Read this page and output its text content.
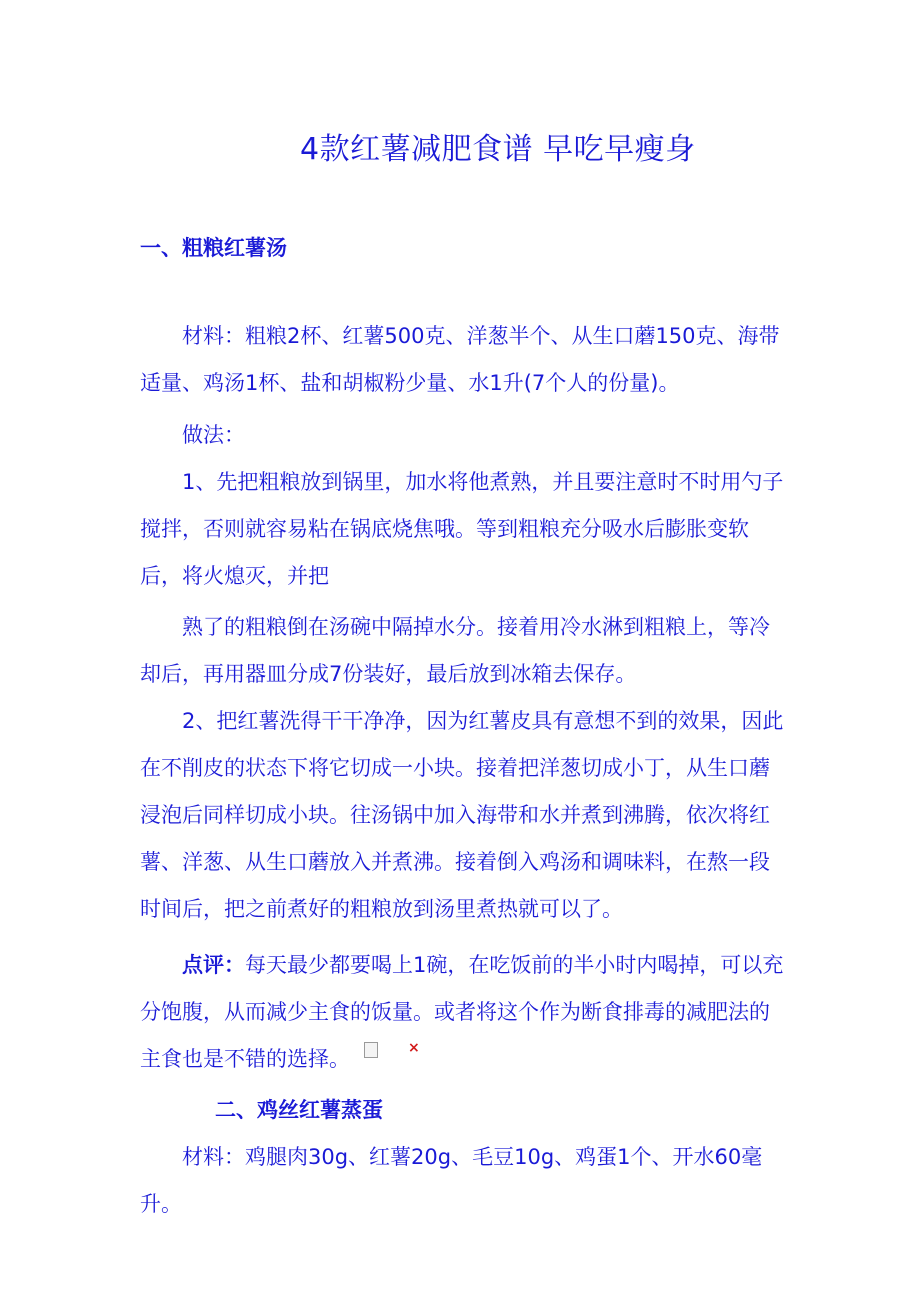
4款红薯减肥食谱 早吃早瘦身
一、粗粮红薯汤
材料：粗粮2杯、红薯500克、洋葱半个、从生口蘑150克、海带适量、鸡汤1杯、盐和胡椒粉少量、水1升(7个人的份量)。
做法：
1、先把粗粮放到锅里，加水将他煮熟，并且要注意时不时用勺子搅拌，否则就容易粘在锅底烧焦哦。等到粗粮充分吸水后膨胀变软后，将火熄灭，并把
熟了的粗粮倒在汤碗中隔掉水分。接着用冷水淋到粗粮上，等冷却后，再用器皿分成7份装好，最后放到冰箱去保存。
2、把红薯洗得干干净净，因为红薯皮具有意想不到的效果，因此在不削皮的状态下将它切成一小块。接着把洋葱切成小丁，从生口蘑浸泡后同样切成小块。往汤锅中加入海带和水并煮到沸腾，依次将红薯、洋葱、从生口蘑放入并煮沸。接着倒入鸡汤和调味料，在熬一段时间后，把之前煮好的粗粮放到汤里煮热就可以了。
点评：每天最少都要喝上1碗，在吃饭前的半小时内喝掉，可以充分饱腹，从而减少主食的饭量。或者将这个作为断食排毒的减肥法的主食也是不错的选择。×
二、鸡丝红薯蒸蛋
材料：鸡腿肉30g、红薯20g、毛豆10g、鸡蛋1个、开水60毫升。
